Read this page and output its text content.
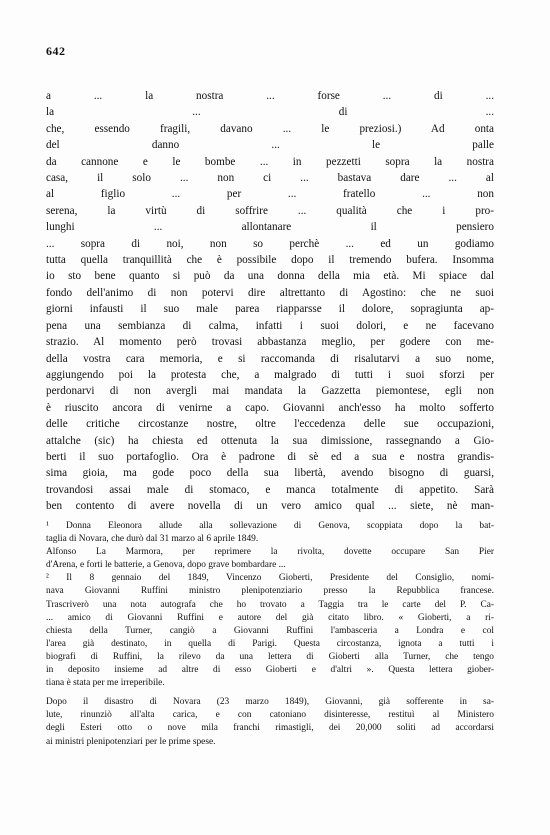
642
a ... la nostra ... forse ... di ...
la ... di ...
che, essendo fragili, davano ... le preziosi.) Ad onta
del danno ... le palle
da cannone e le bombe ... in pezzetti sopra la nostra
casa, il solo ... non ci ... bastava dare ... al
al figlio ... per ... fratello ... non
serena, la virtù di soffrire ... qualità che i pro-
lunghi ... allontanare il pensiero
... sopra di noi, non so perchè ... ed un godiamo
tutta quella tranquillità che è possibile dopo il tremendo bufera. Insomma
io sto bene quanto si può da una donna della mia età. Mi spiace dal
fondo dell'animo di non potervi dire altrettanto di Agostino: che ne suoi
giorni infausti il suo male parea riapparsse il dolore, sopragiunta ap-
pena una sembianza di calma, infatti i suoi dolori, e ne facevano
strazio. Al momento però trovasi abbastanza meglio, per godere con me-
della vostra cara memoria, e si raccomanda di risalutarvi a suo nome,
aggiungendo poi la protesta che, a malgrado di tutti i suoi sforzi per
perdonarvi di non avergli mai mandata la Gazzetta piemontese, egli non
è riuscito ancora di venirne a capo. Giovanni anch'esso ha molto sofferto
delle critiche circostanze nostre, oltre l'eccedenza delle sue occupazioni,
attalche (sic) ha chiesta ed ottenuta la sua dimissione, rassegnando a Gio-
berti il suo portafoglio. Ora è padrone di sè ed a sua e nostra grandis-
sima gioia, ma gode poco della sua libertà, avendo bisogno di guarsi,
trovandosi assai male di stomaco, e manca totalmente di appetito. Sarà
ben contento di avere novella di un vero amico qual ... siete, nè man-
¹ Donna Eleonora allude alla sollevazione di Genova, scoppiata dopo la bat-
taglia di Novara, che durò dal 31 marzo al 6 aprile 1849.
Alfonso La Marmora, per reprimere la rivolta, dovette occupare San Pier
d'Arena, e forti le batterie, a Genova, dopo grave bombardare ...
² Il 8 gennaio del 1849, Vincenzo Gioberti, Presidente del Consiglio, nomi-
nava Giovanni Ruffini ministro plenipotenziario presso la Repubblica francese.
Trascriverò una nota autografa che ho trovato a Taggia tra le carte del P. Ca-
... amico di Giovanni Ruffini e autore del già citato libro. « Gioberti, a ri-
chiesta della Turner, cangiò a Giovanni Ruffini l'ambasceria a Londra e col
l'area già destinato, in quella di Parigi. Questa circostanza, ignota a tutti i
biografi di Ruffini, la rilevo da una lettera di Gioberti alla Turner, che tengo
in deposito insieme ad altre di esso Gioberti e d'altri ». Questa lettera giober-
tiana è stata per me irreperibile.
Dopo il disastro di Novara (23 marzo 1849), Giovanni, già sofferente in sa-
lute, rinunziò all'alta carica, e con catoniano disinteresse, restituì al Ministero
degli Esteri otto o nove mila franchi rimastigli, dei 20,000 soliti ad accordarsi
ai ministri plenipotenziari per le prime spese.
